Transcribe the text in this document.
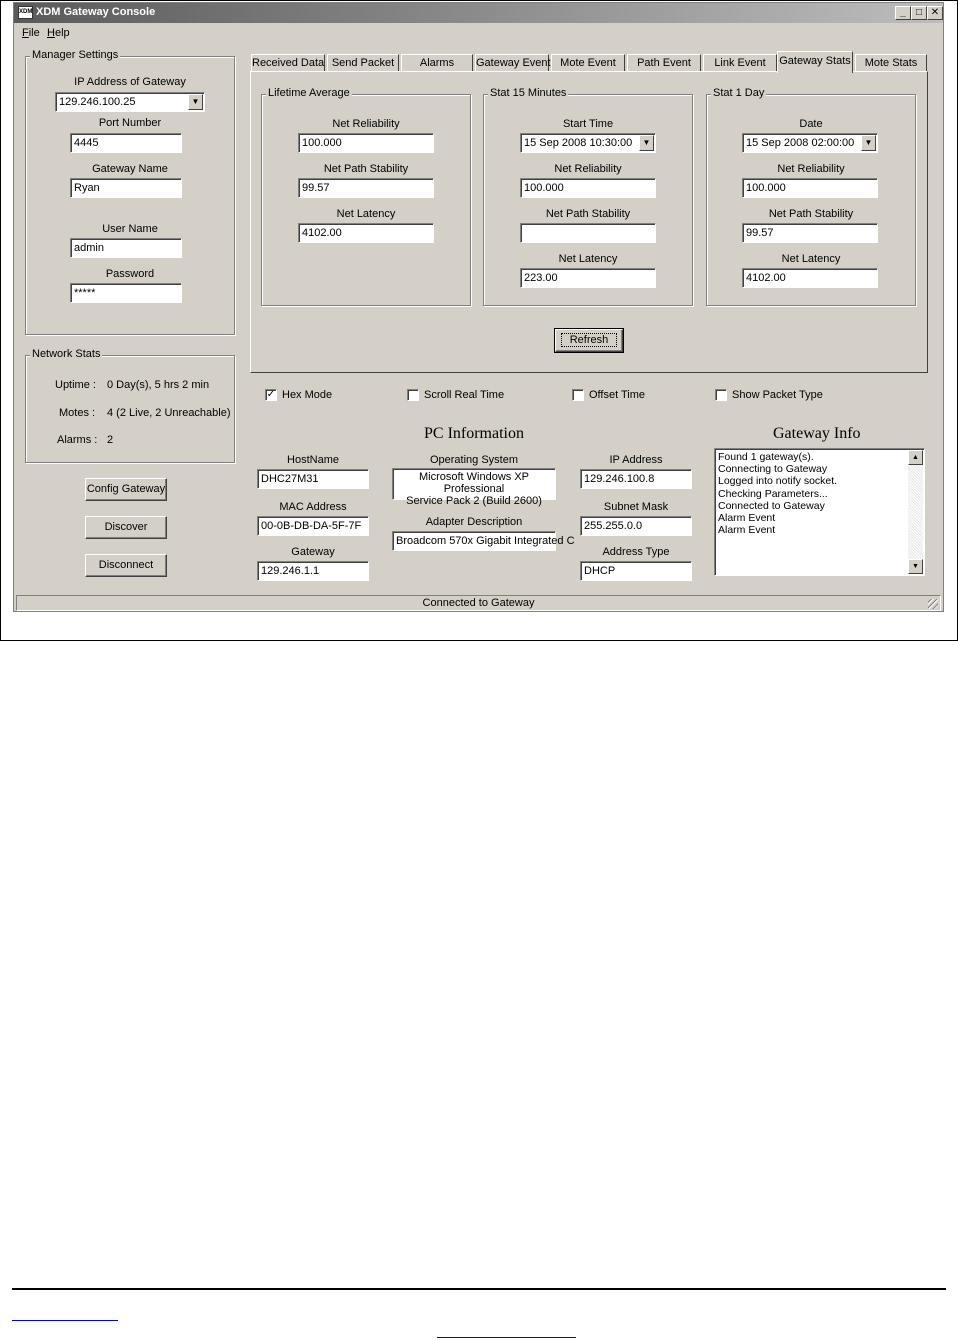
XDM XDM Gateway Console	_	□ ✕
File Help
Manager Settings
IP Address of Gateway
129.246.100.25	▼
Port Number
4445
Gateway Name
Ryan
User Name
admin
Password
*****
Network Stats
Uptime : 0 Day(s), 5 hrs 2 min
Motes : 4 (2 Live, 2 Unreachable)
Alarms : 2
Config Gateway
Discover
Disconnect
Received Data Send Packet	Alarms	Gateway Event Mote Event	Path Event	Link Event	Gateway Stats	Mote Stats
Lifetime Average
Net Reliability
100.000
Net Path Stability
99.57
Net Latency
4102.00
Stat 15 Minutes
Start Time
15 Sep 2008 10:30:00	▼
Net Reliability
100.000
Net Path Stability
Net Latency
223.00
Stat 1 Day
Date
15 Sep 2008 02:00:00	▼
Net Reliability
100.000
Net Path Stability
99.57
Net Latency
4102.00
Refresh
✓ Hex Mode	Scroll Real Time	Offset Time	Show Packet Type
PC Information
HostName
DHC27M31
MAC Address
00-0B-DB-DA-5F-7F
Gateway
129.246.1.1
Operating System
Microsoft Windows XP Professional
Service Pack 2 (Build 2600)
Adapter Description
Broadcom 570x Gigabit Integrated C
IP Address
129.246.100.8
Subnet Mask
255.255.0.0
Address Type
DHCP
Gateway Info
Found 1 gateway(s).
Connecting to Gateway
Logged into notify socket.
Checking Parameters...
Connected to Gateway
Alarm Event
Alarm Event
▲
▼
Connected to Gateway
